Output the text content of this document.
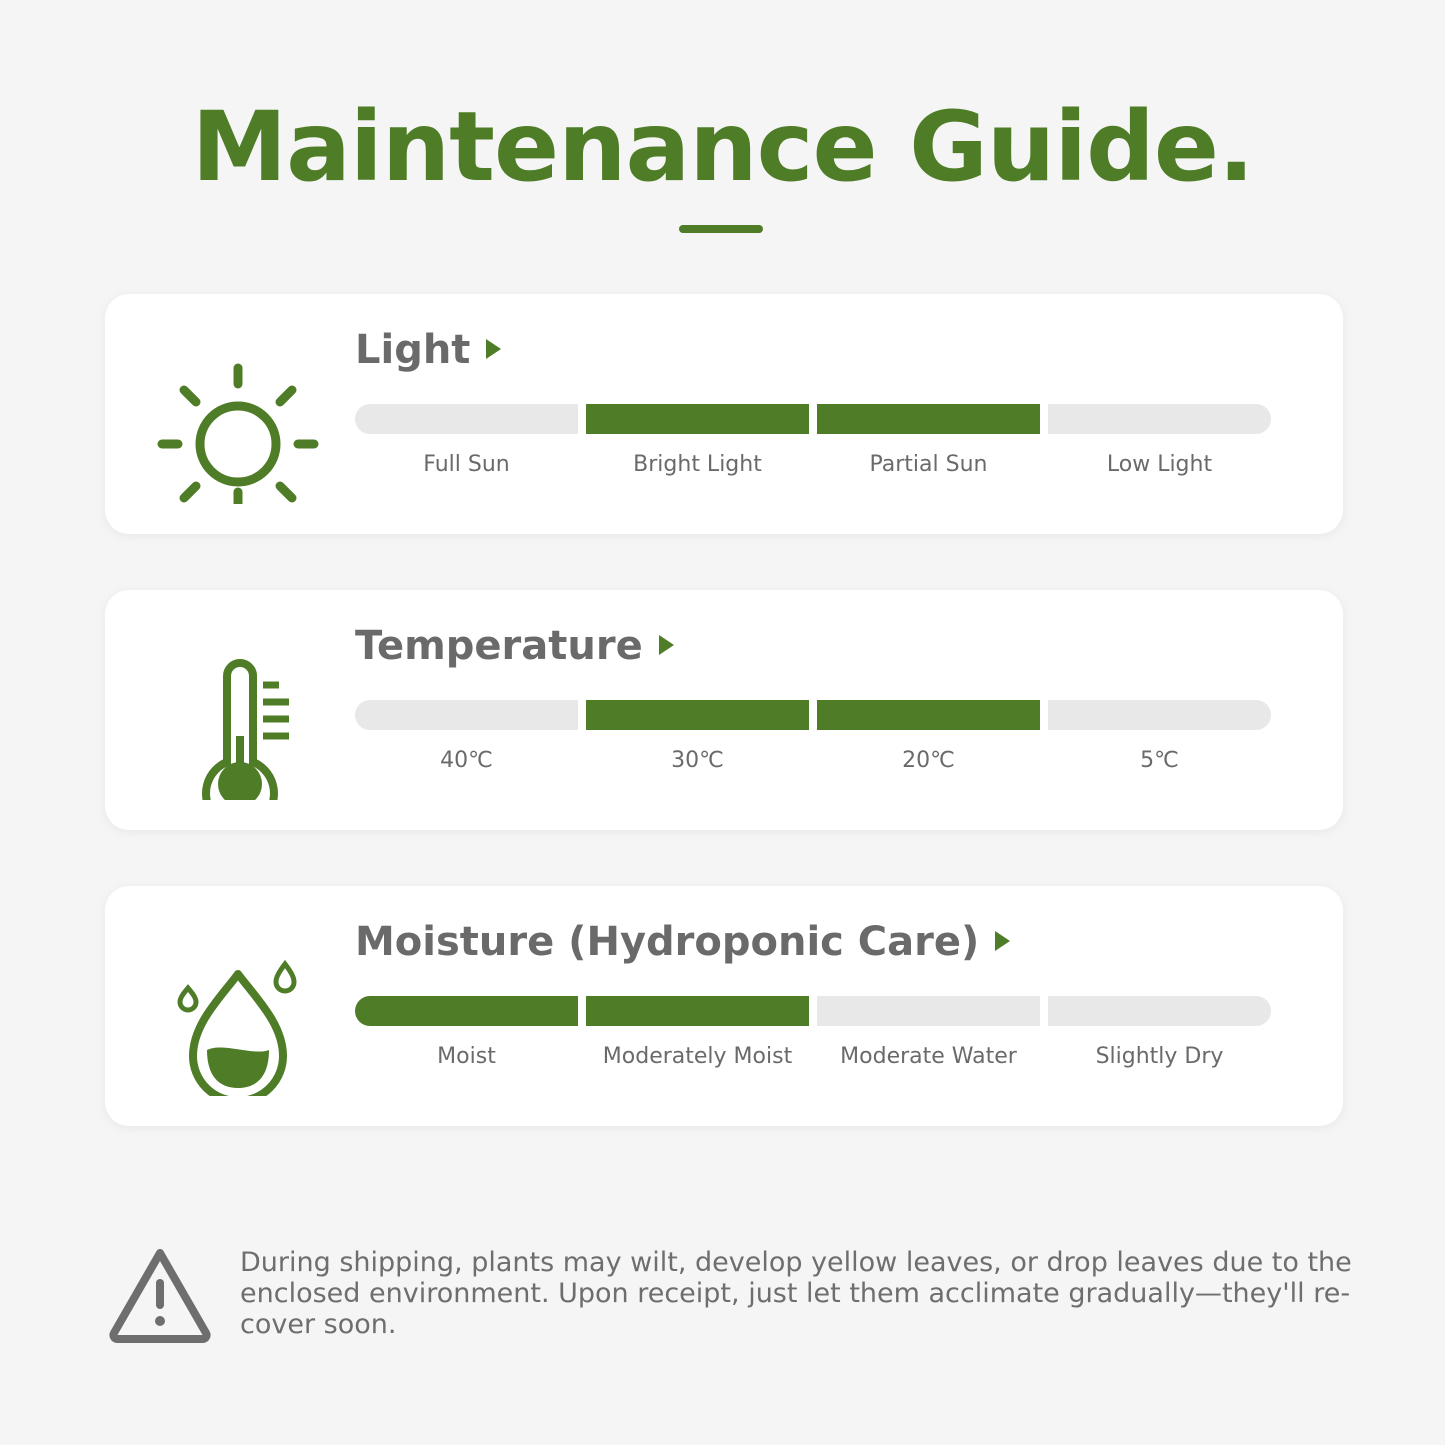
Maintenance Guide.
Light
Full Sun	Bright Light	Partial Sun	Low Light
Temperature
40℃	30℃	20℃	5℃
Moisture (Hydroponic Care)
Moist	Moderately Moist	Moderate Water	Slightly Dry
During shipping, plants may wilt, develop yellow leaves, or drop leaves due to the enclosed environment. Upon receipt, just let them acclimate gradually—they'll re-cover soon.
